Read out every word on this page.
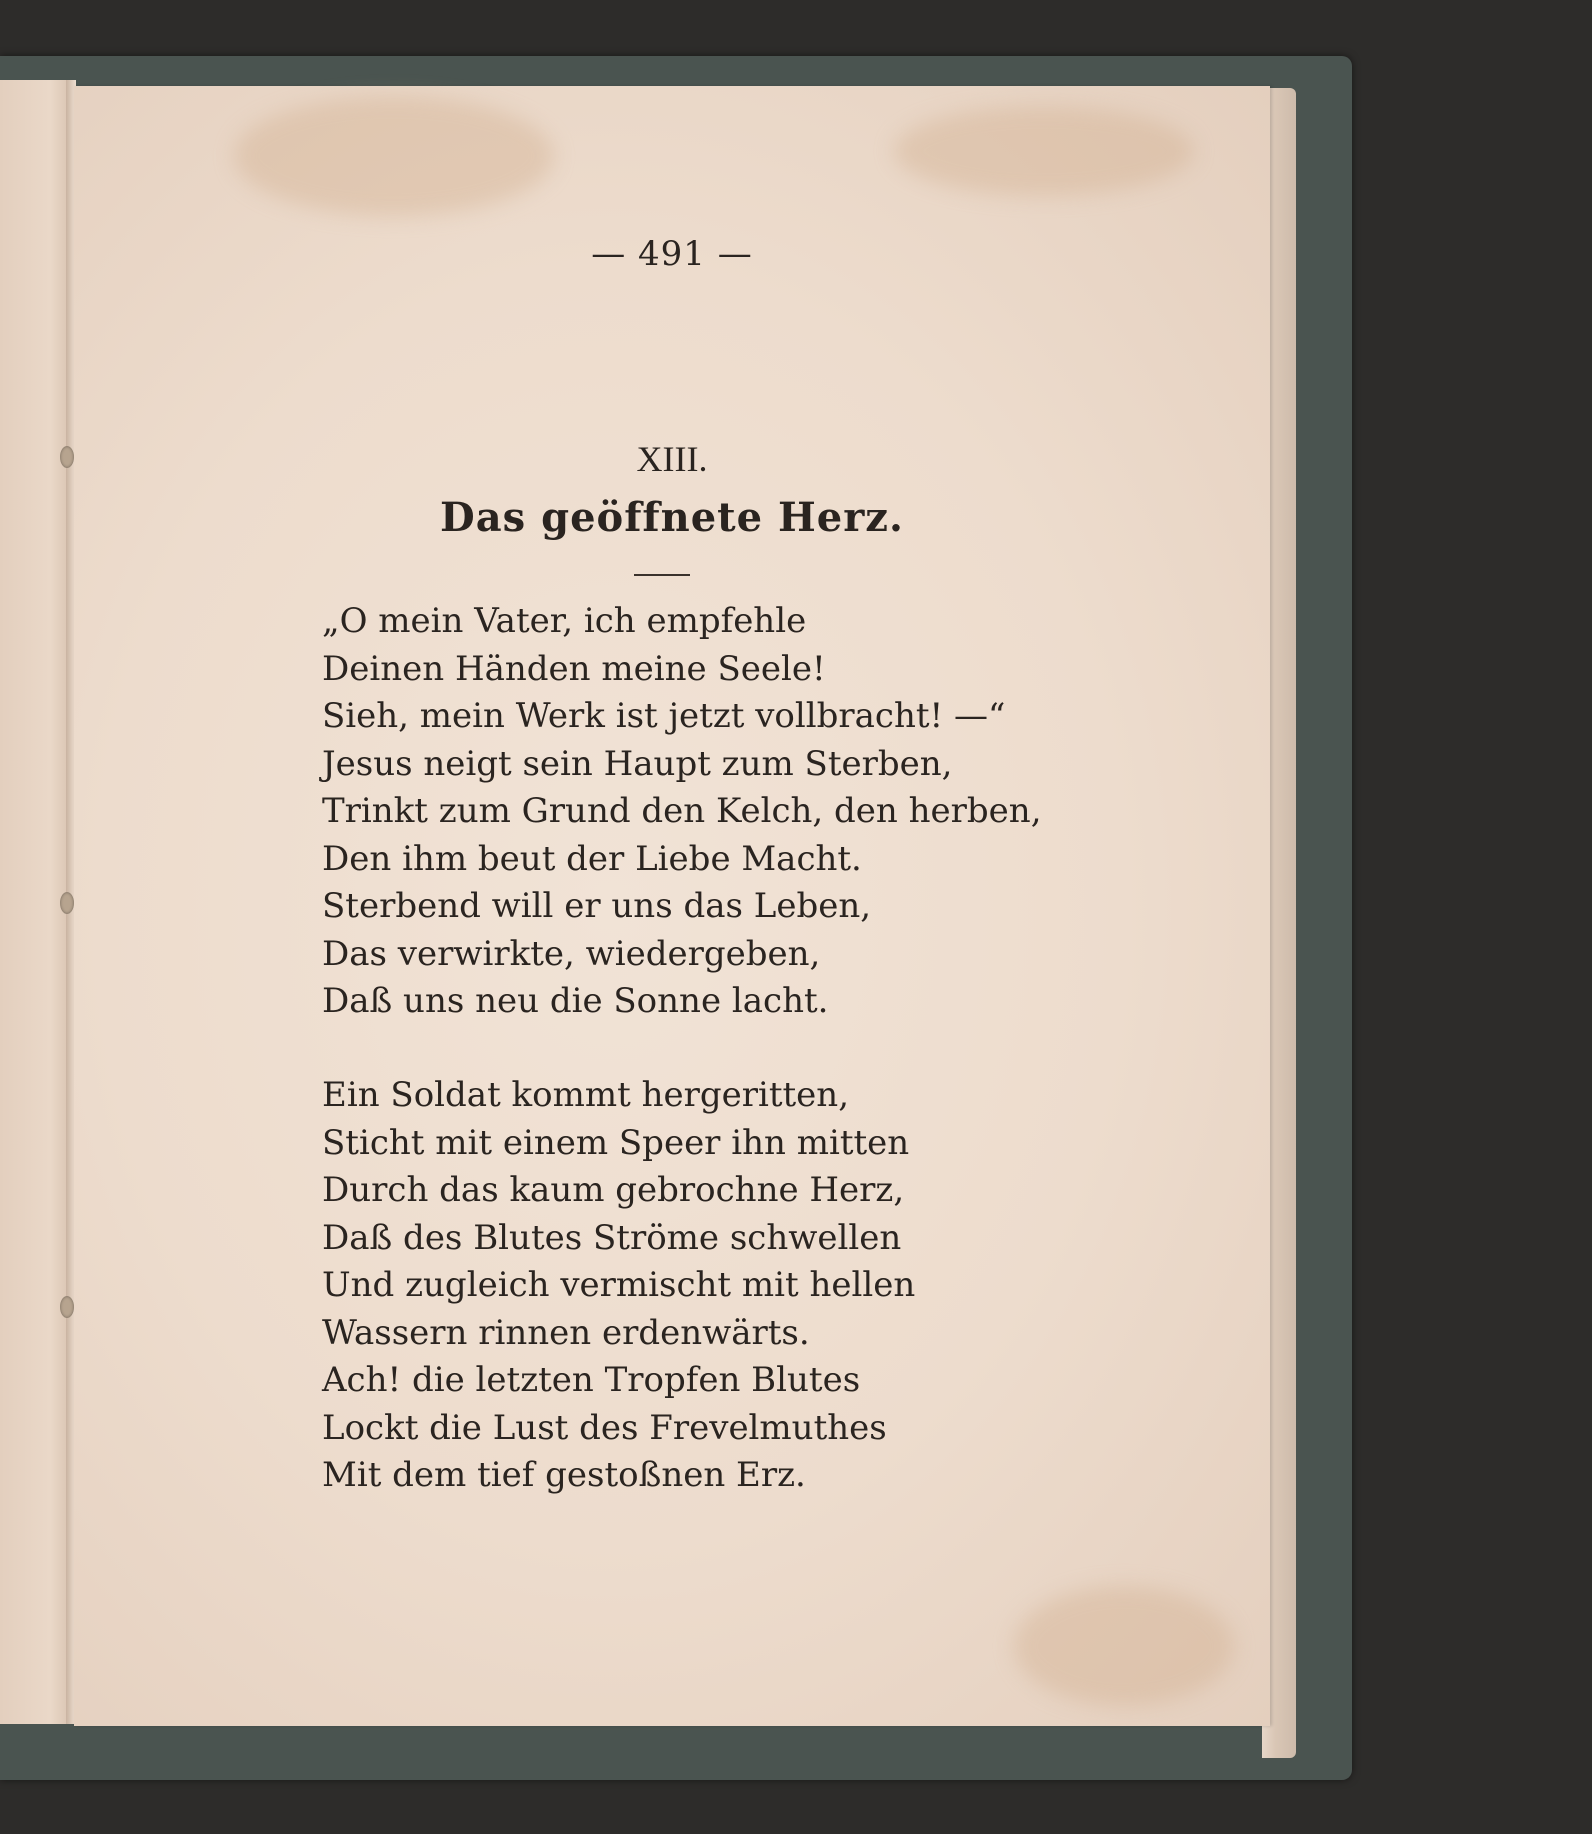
— 491 —
XIII.
Das geöffnete Herz.
„O mein Vater, ich empfehle
Deinen Händen meine Seele!
Sieh, mein Werk ist jetzt vollbracht! —“
Jesus neigt sein Haupt zum Sterben,
Trinkt zum Grund den Kelch, den herben,
Den ihm beut der Liebe Macht.
Sterbend will er uns das Leben,
Das verwirkte, wiedergeben,
Daß uns neu die Sonne lacht.
Ein Soldat kommt hergeritten,
Sticht mit einem Speer ihn mitten
Durch das kaum gebrochne Herz,
Daß des Blutes Ströme schwellen
Und zugleich vermischt mit hellen
Wassern rinnen erdenwärts.
Ach! die letzten Tropfen Blutes
Lockt die Lust des Frevelmuthes
Mit dem tief gestoßnen Erz.
